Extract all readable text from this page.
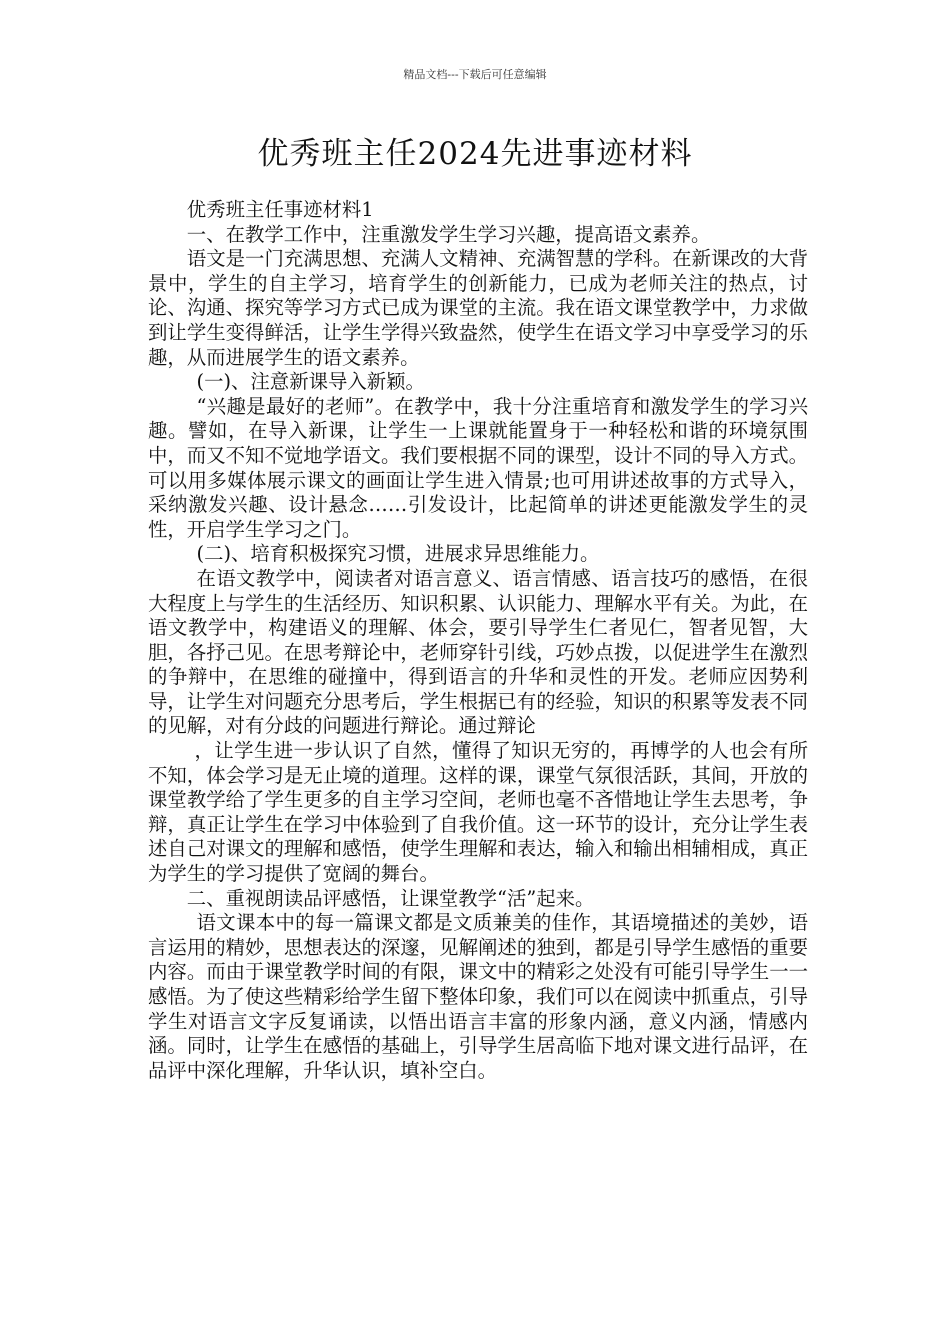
精品文档---下载后可任意编辑
优秀班主任2024先进事迹材料

优秀班主任事迹材料1

一、在教学工作中，注重激发学生学习兴趣，提高语文素养。

语文是一门充满思想、充满人文精神、充满智慧的学科。在新课改的大背景中，学生的自主学习，培育学生的创新能力，已成为老师关注的热点，讨论、沟通、探究等学习方式已成为课堂的主流。我在语文课堂教学中，力求做到让学生变得鲜活，让学生学得兴致盎然，使学生在语文学习中享受学习的乐趣，从而进展学生的语文素养。

(一)、注意新课导入新颖。

“兴趣是最好的老师”。在教学中，我十分注重培育和激发学生的学习兴趣。譬如，在导入新课，让学生一上课就能置身于一种轻松和谐的环境氛围中，而又不知不觉地学语文。我们要根据不同的课型，设计不同的导入方式。可以用多媒体展示课文的画面让学生进入情景;也可用讲述故事的方式导入，采纳激发兴趣、设计悬念……引发设计，比起简单的讲述更能激发学生的灵性，开启学生学习之门。

(二)、培育积极探究习惯，进展求异思维能力。

在语文教学中，阅读者对语言意义、语言情感、语言技巧的感悟，在很大程度上与学生的生活经历、知识积累、认识能力、理解水平有关。为此，在语文教学中，构建语义的理解、体会，要引导学生仁者见仁，智者见智，大胆，各抒己见。在思考辩论中，老师穿针引线，巧妙点拨，以促进学生在激烈的争辩中，在思维的碰撞中，得到语言的升华和灵性的开发。老师应因势利导，让学生对问题充分思考后，学生根据已有的经验，知识的积累等发表不同的见解，对有分歧的问题进行辩论。通过辩论

，让学生进一步认识了自然，懂得了知识无穷的，再博学的人也会有所不知，体会学习是无止境的道理。这样的课，课堂气氛很活跃，其间，开放的课堂教学给了学生更多的自主学习空间，老师也毫不吝惜地让学生去思考，争辩，真正让学生在学习中体验到了自我价值。这一环节的设计，充分让学生表述自己对课文的理解和感悟，使学生理解和表达，输入和输出相辅相成，真正为学生的学习提供了宽阔的舞台。

二、重视朗读品评感悟，让课堂教学“活”起来。

语文课本中的每一篇课文都是文质兼美的佳作，其语境描述的美妙，语言运用的精妙，思想表达的深邃，见解阐述的独到，都是引导学生感悟的重要内容。而由于课堂教学时间的有限，课文中的精彩之处没有可能引导学生一一感悟。为了使这些精彩给学生留下整体印象，我们可以在阅读中抓重点，引导学生对语言文字反复诵读，以悟出语言丰富的形象内涵，意义内涵，情感内涵。同时，让学生在感悟的基础上，引导学生居高临下地对课文进行品评，在品评中深化理解，升华认识，填补空白。
